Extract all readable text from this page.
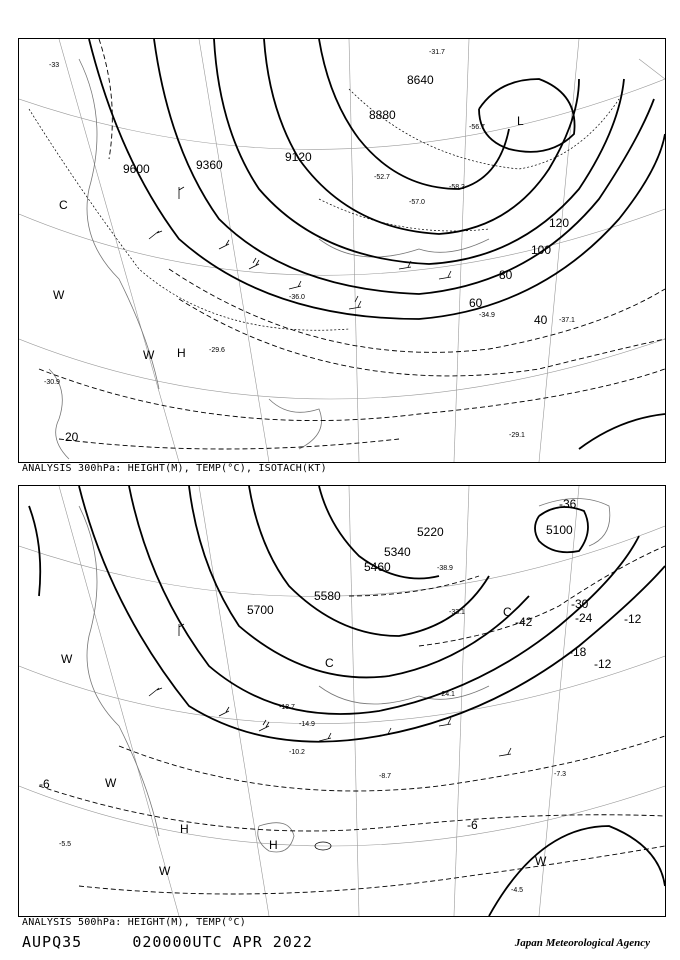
9600	9360
9120
8880
8640
20
40
60
80
100
120
-33
-34.9
-36.0
-37.1
-52.7
-58.3
-57.0
-29.6
-29.1
-30.9
-31.7
-56.7	L
H
C
W
W
ANALYSIS 300hPa: HEIGHT(M), TEMP(°C), ISOTACH(KT)
5100
5220
5340
5460
5580
5700
-36
-30
-24
-18
-12
-12
-6
-6
-42
-38.9
-33.1
-24.1
-18.7
-8.7	-7.3
-4.5
-5.5
-14.9
-10.2
H
H
C
C
W
W
W
W
ANALYSIS 500hPa: HEIGHT(M), TEMP(°C)
AUPQ35	020000UTC APR 2022	Japan Meteorological Agency
